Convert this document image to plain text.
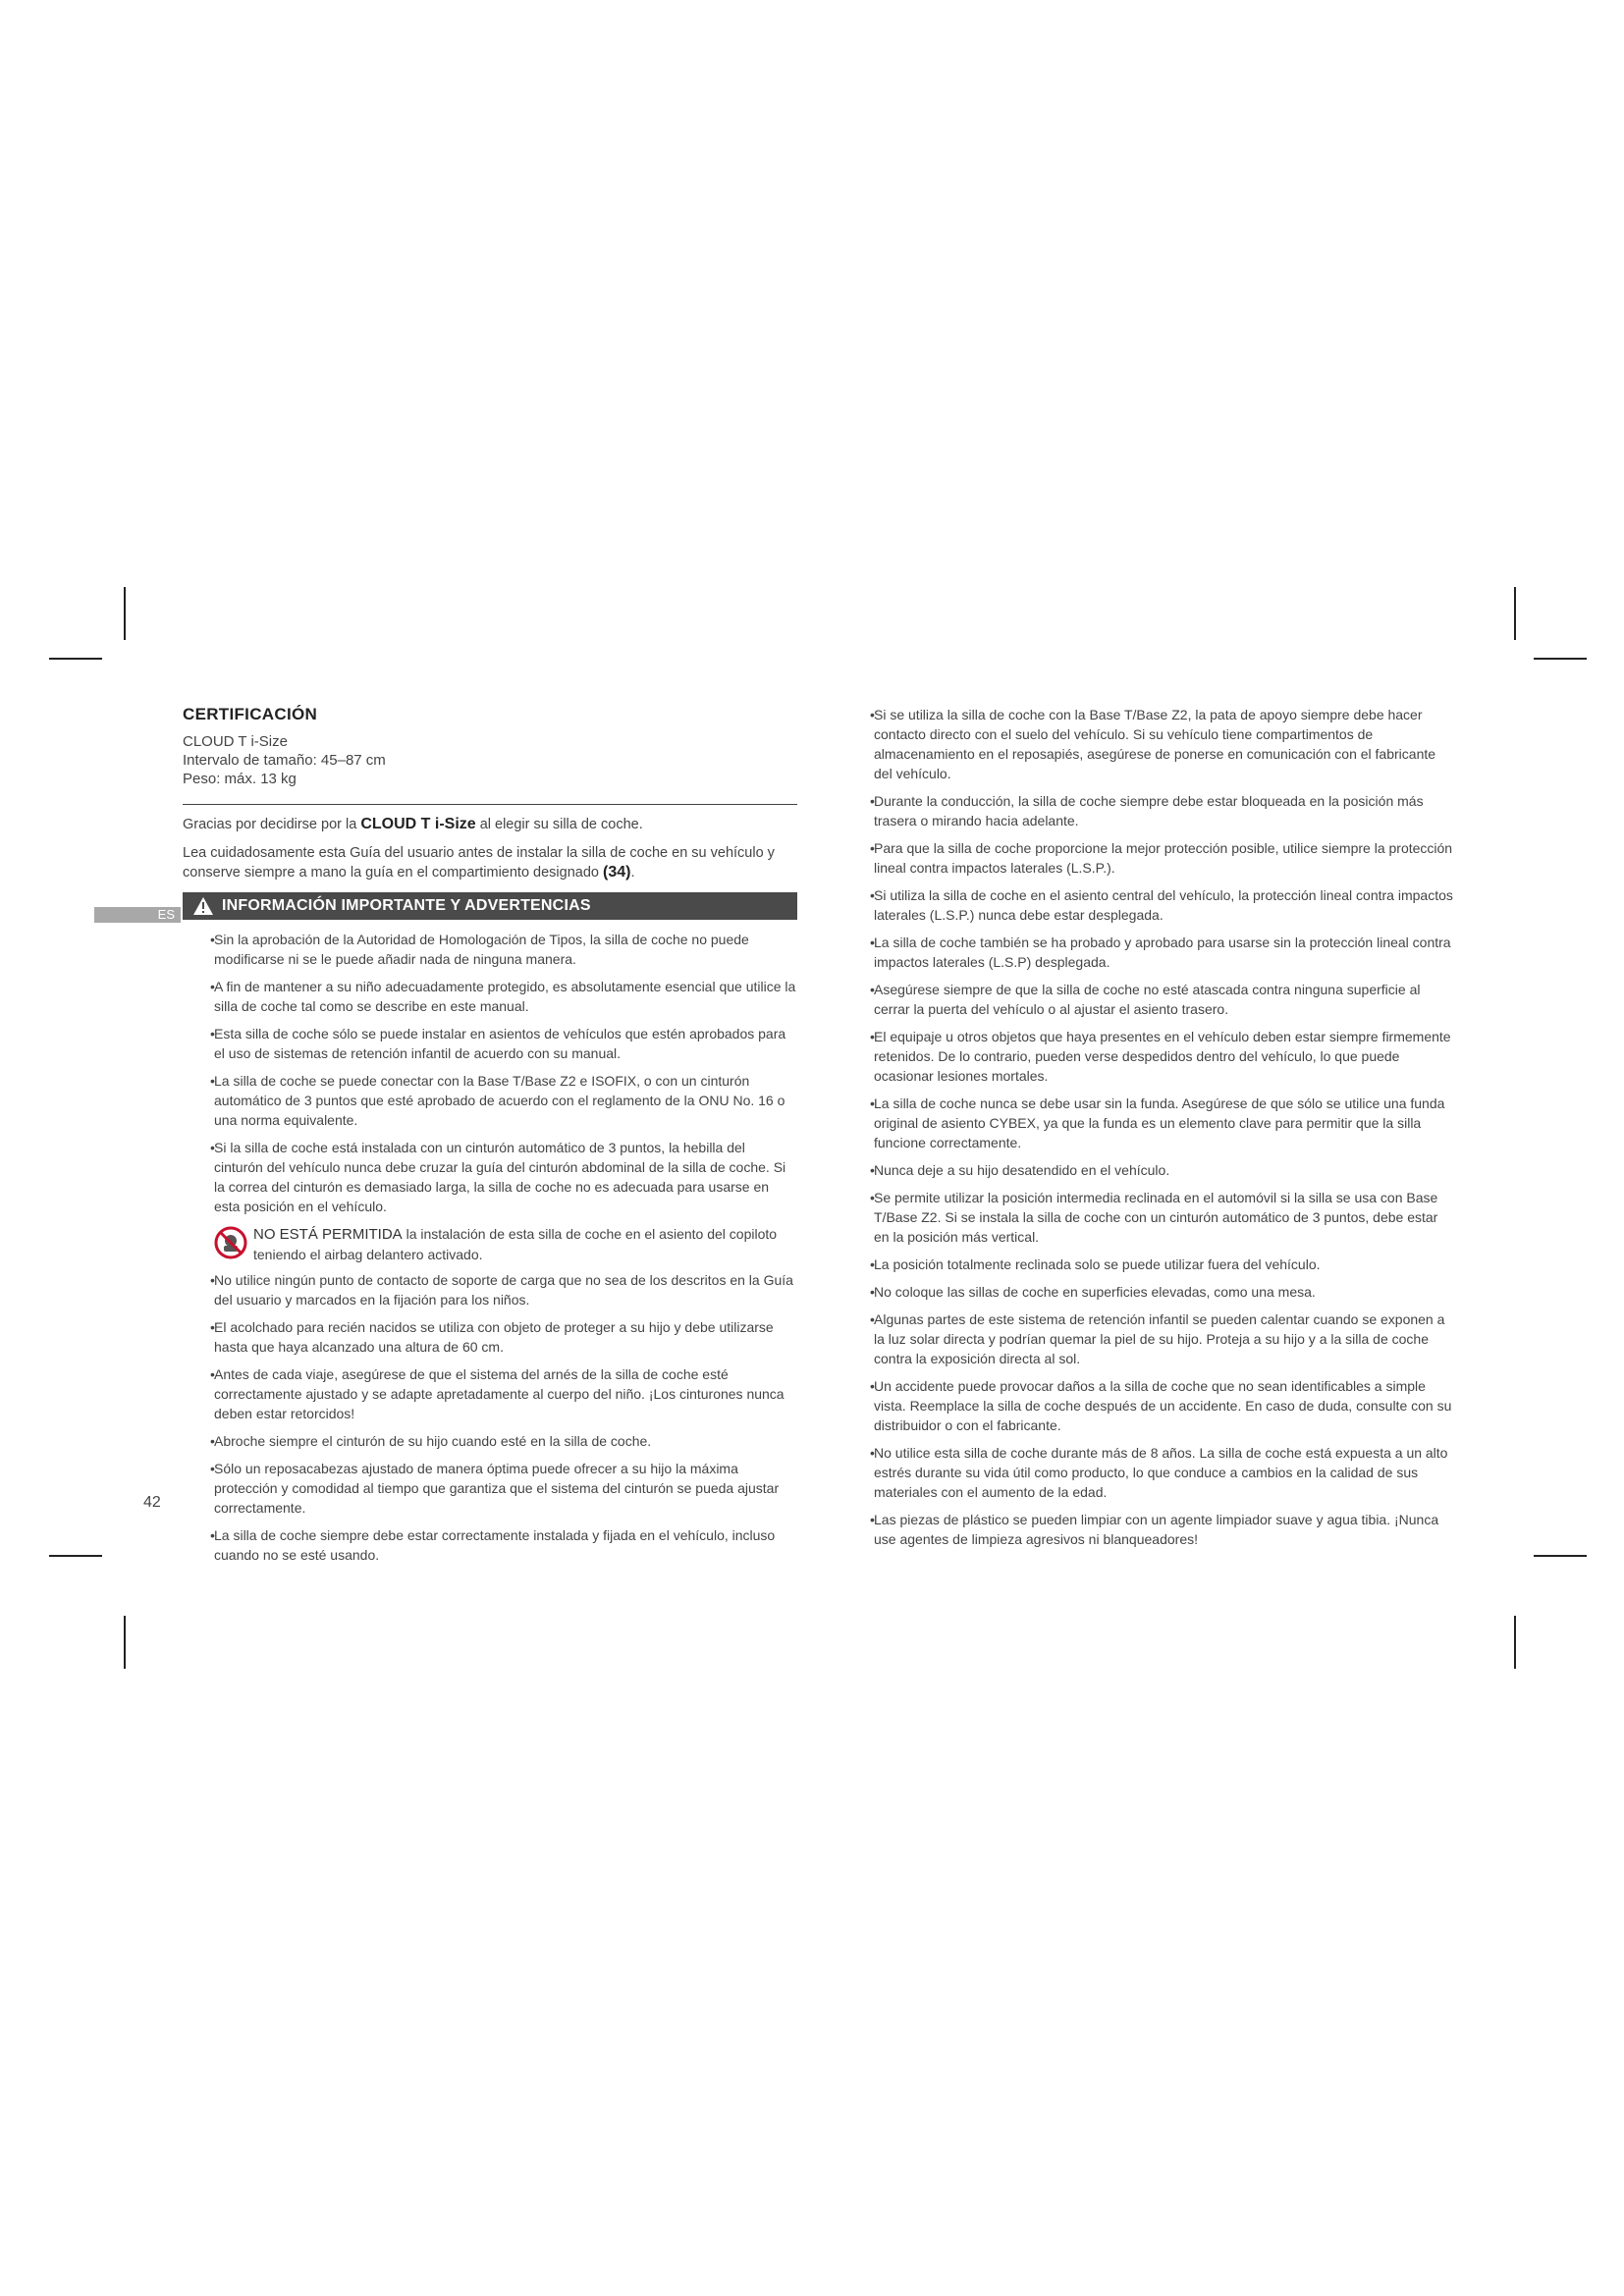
ES
CERTIFICACIÓN
CLOUD T i-Size
Intervalo de tamaño: 45–87 cm
Peso: máx. 13 kg

Gracias por decidirse por la CLOUD T i-Size al elegir su silla de coche.

Lea cuidadosamente esta Guía del usuario antes de instalar la silla de coche en su vehículo y conserve siempre a mano la guía en el compartimiento designado (34).

INFORMACIÓN IMPORTANTE Y ADVERTENCIAS
• Sin la aprobación de la Autoridad de Homologación de Tipos, la silla de coche no puede modificarse ni se le puede añadir nada de ninguna manera.
• A fin de mantener a su niño adecuadamente protegido, es absolutamente esencial que utilice la silla de coche tal como se describe en este manual.
• Esta silla de coche sólo se puede instalar en asientos de vehículos que estén aprobados para el uso de sistemas de retención infantil de acuerdo con su manual.
• La silla de coche se puede conectar con la Base T/Base Z2 e ISOFIX, o con un cinturón automático de 3 puntos que esté aprobado de acuerdo con el reglamento de la ONU No. 16 o una norma equivalente.
• Si la silla de coche está instalada con un cinturón automático de 3 puntos, la hebilla del cinturón del vehículo nunca debe cruzar la guía del cinturón abdominal de la silla de coche. Si la correa del cinturón es demasiado larga, la silla de coche no es adecuada para usarse en esta posición en el vehículo.
NO ESTÁ PERMITIDA la instalación de esta silla de coche en el asiento del copiloto teniendo el airbag delantero activado.
• No utilice ningún punto de contacto de soporte de carga que no sea de los descritos en la Guía del usuario y marcados en la fijación para los niños.
• El acolchado para recién nacidos se utiliza con objeto de proteger a su hijo y debe utilizarse hasta que haya alcanzado una altura de 60 cm.
• Antes de cada viaje, asegúrese de que el sistema del arnés de la silla de coche esté correctamente ajustado y se adapte apretadamente al cuerpo del niño. ¡Los cinturones nunca deben estar retorcidos!
• Abroche siempre el cinturón de su hijo cuando esté en la silla de coche.
• Sólo un reposacabezas ajustado de manera óptima puede ofrecer a su hijo la máxima protección y comodidad al tiempo que garantiza que el sistema del cinturón se pueda ajustar correctamente.
• La silla de coche siempre debe estar correctamente instalada y fijada en el vehículo, incluso cuando no se esté usando.
• Si se utiliza la silla de coche con la Base T/Base Z2, la pata de apoyo siempre debe hacer contacto directo con el suelo del vehículo. Si su vehículo tiene compartimentos de almacenamiento en el reposapiés, asegúrese de ponerse en comunicación con el fabricante del vehículo.
• Durante la conducción, la silla de coche siempre debe estar bloqueada en la posición más trasera o mirando hacia adelante.
• Para que la silla de coche proporcione la mejor protección posible, utilice siempre la protección lineal contra impactos laterales (L.S.P.).
• Si utiliza la silla de coche en el asiento central del vehículo, la protección lineal contra impactos laterales (L.S.P.) nunca debe estar desplegada.
• La silla de coche también se ha probado y aprobado para usarse sin la protección lineal contra impactos laterales (L.S.P) desplegada.
• Asegúrese siempre de que la silla de coche no esté atascada contra ninguna superficie al cerrar la puerta del vehículo o al ajustar el asiento trasero.
• El equipaje u otros objetos que haya presentes en el vehículo deben estar siempre firmemente retenidos. De lo contrario, pueden verse despedidos dentro del vehículo, lo que puede ocasionar lesiones mortales.
• La silla de coche nunca se debe usar sin la funda. Asegúrese de que sólo se utilice una funda original de asiento CYBEX, ya que la funda es un elemento clave para permitir que la silla funcione correctamente.
• Nunca deje a su hijo desatendido en el vehículo.
• Se permite utilizar la posición intermedia reclinada en el automóvil si la silla se usa con Base T/Base Z2. Si se instala la silla de coche con un cinturón automático de 3 puntos, debe estar en la posición más vertical.
• La posición totalmente reclinada solo se puede utilizar fuera del vehículo.
• No coloque las sillas de coche en superficies elevadas, como una mesa.
• Algunas partes de este sistema de retención infantil se pueden calentar cuando se exponen a la luz solar directa y podrían quemar la piel de su hijo. Proteja a su hijo y a la silla de coche contra la exposición directa al sol.
• Un accidente puede provocar daños a la silla de coche que no sean identificables a simple vista. Reemplace la silla de coche después de un accidente. En caso de duda, consulte con su distribuidor o con el fabricante.
• No utilice esta silla de coche durante más de 8 años. La silla de coche está expuesta a un alto estrés durante su vida útil como producto, lo que conduce a cambios en la calidad de sus materiales con el aumento de la edad.
• Las piezas de plástico se pueden limpiar con un agente limpiador suave y agua tibia. ¡Nunca use agentes de limpieza agresivos ni blanqueadores!
42
